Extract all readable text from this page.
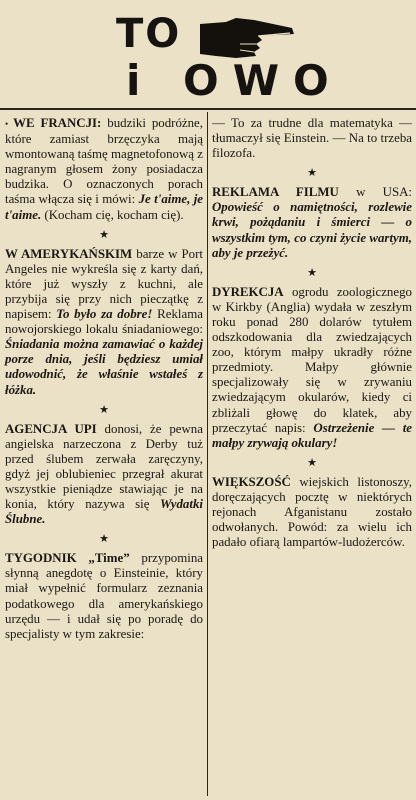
TO
i OWO

• WE FRANCJI: budziki podróżne, które zamiast brzęczyka mają wmontowaną taśmę magnetofonową z nagranym głosem żony posiadacza budzika. O oznaczonych porach taśma włącza się i mówi: Je t'aime, je t'aime. (Kocham cię, kocham cię).

★

W AMERYKAŃSKIM barze w Port Angeles nie wykreśla się z karty dań, które już wyszły z kuchni, ale przybija się przy nich pieczątkę z napisem: To było za dobre! Reklama nowojorskiego lokalu śniadaniowego: Śniadania można zamawiać o każdej porze dnia, jeśli będziesz umiał udowodnić, że właśnie wstałeś z łóżka.

★

AGENCJA UPI donosi, że pewna angielska narzeczona z Derby tuż przed ślubem zerwała zaręczyny, gdyż jej oblubieniec przegrał akurat wszystkie pieniądze stawiając je na konia, który nazywa się Wydatki Ślubne.

★

TYGODNIK „Time” przypomina słynną anegdotę o Einsteinie, który miał wypełnić formularz zeznania podatkowego dla amerykańskiego urzędu — i udał się po poradę do specjalisty w tym zakresie:

— To za trudne dla matematyka — tłumaczył się Einstein. — Na to trzeba filozofa.

★

REKLAMA FILMU w USA: Opowieść o namiętności, rozlewie krwi, pożądaniu i śmierci — o wszystkim tym, co czyni życie wartym, aby je przeżyć.

★

DYREKCJA ogrodu zoologicznego w Kirkby (Anglia) wydała w zeszłym roku ponad 280 dolarów tytułem odszkodowania dla zwiedzających zoo, którym małpy ukradły różne przedmioty. Małpy głównie specjalizowały się w zrywaniu zwiedzającym okularów, kiedy ci zbliżali głowę do klatek, aby przeczytać napis: Ostrzeżenie — te małpy zrywają okulary!

★

WIĘKSZOŚĆ wiejskich listonoszy, doręczających pocztę w niektórych rejonach Afganistanu zostało odwołanych. Powód: za wielu ich padało ofiarą lampartów-ludożerców.
